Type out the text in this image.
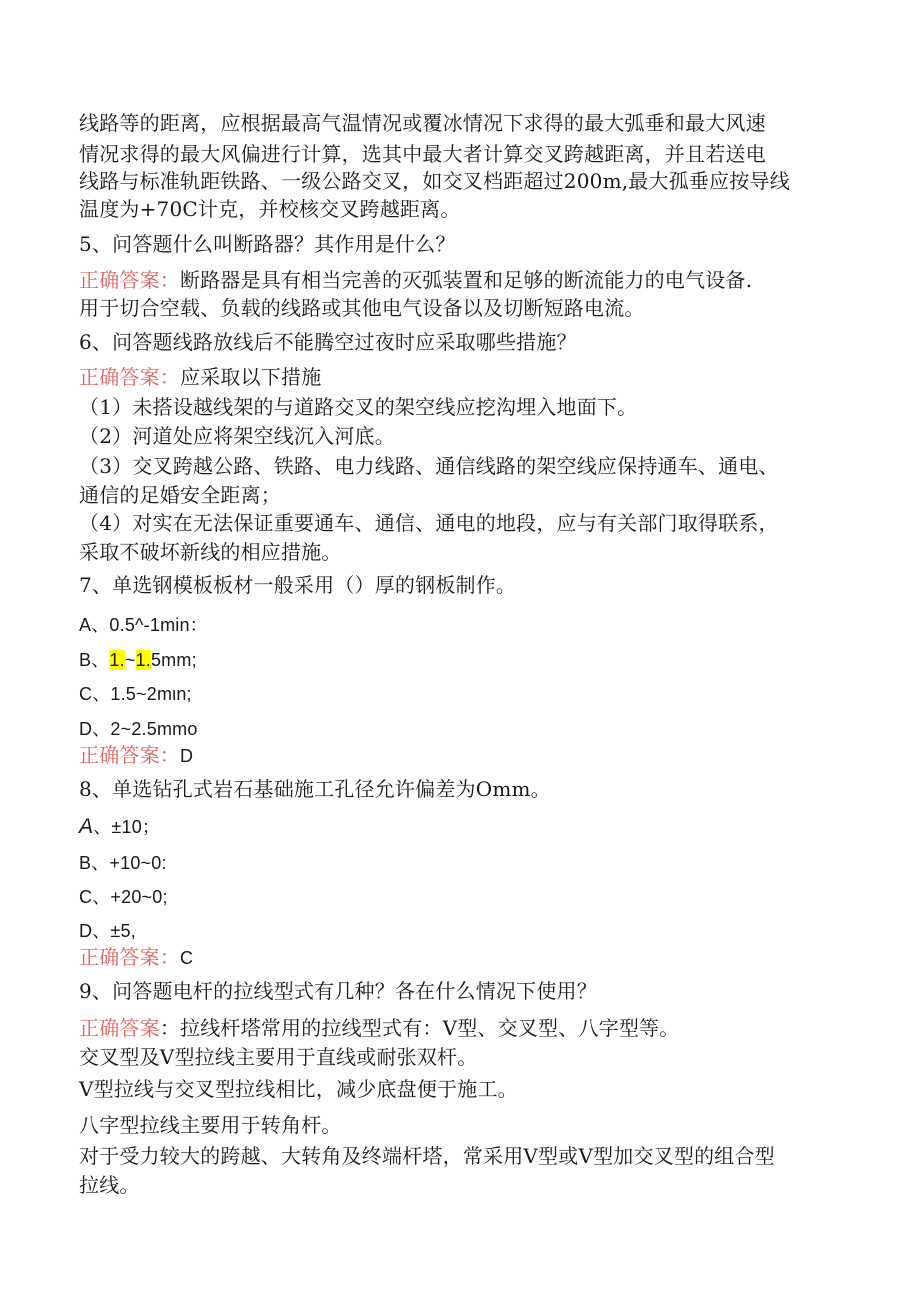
线路等的距离，应根据最高气温情况或覆冰情况下求得的最大弧垂和最大风速
情况求得的最大风偏进行计算，选其中最大者计算交叉跨越距离，并且若送电
线路与标准轨距铁路、一级公路交叉，如交叉档距超过200m,最大孤垂应按导线
温度为+70C计克，并校核交叉跨越距离。
5、问答题什么叫断路器？其作用是什么？
正确答案：断路器是具有相当完善的灭弧装置和足够的断流能力的电气设备.
用于切合空载、负载的线路或其他电气设备以及切断短路电流。
6、问答题线路放线后不能腾空过夜时应采取哪些措施？
正确答案：应采取以下措施
（1）未搭设越线架的与道路交叉的架空线应挖沟埋入地面下。
（2）河道处应将架空线沉入河底。
（3）交叉跨越公路、铁路、电力线路、通信线路的架空线应保持通车、通电、
通信的足婚安全距离；
（4）对实在无法保证重要通车、通信、通电的地段，应与有关部门取得联系，
采取不破坏新线的相应措施。
7、单选钢模板板材一般采用（）厚的钢板制作。
A、0.5^-1min：
B、1.~1.5mm;
C、1.5~2mιn;
D、2~2.5mmo
正确答案：D
8、单选钻孔式岩石基础施工孔径允许偏差为Omm。
A、±10；
B、+10~0:
C、+20~0;
D、±5,
正确答案：C
9、问答题电杆的拉线型式有几种？各在什么情况下使用？
正确答案：拉线杆塔常用的拉线型式有：V型、交叉型、八字型等。
交叉型及V型拉线主要用于直线或耐张双杆。
V型拉线与交叉型拉线相比，减少底盘便于施工。
八字型拉线主要用于转角杆。
对于受力较大的跨越、大转角及终端杆塔，常采用V型或V型加交叉型的组合型
拉线。
